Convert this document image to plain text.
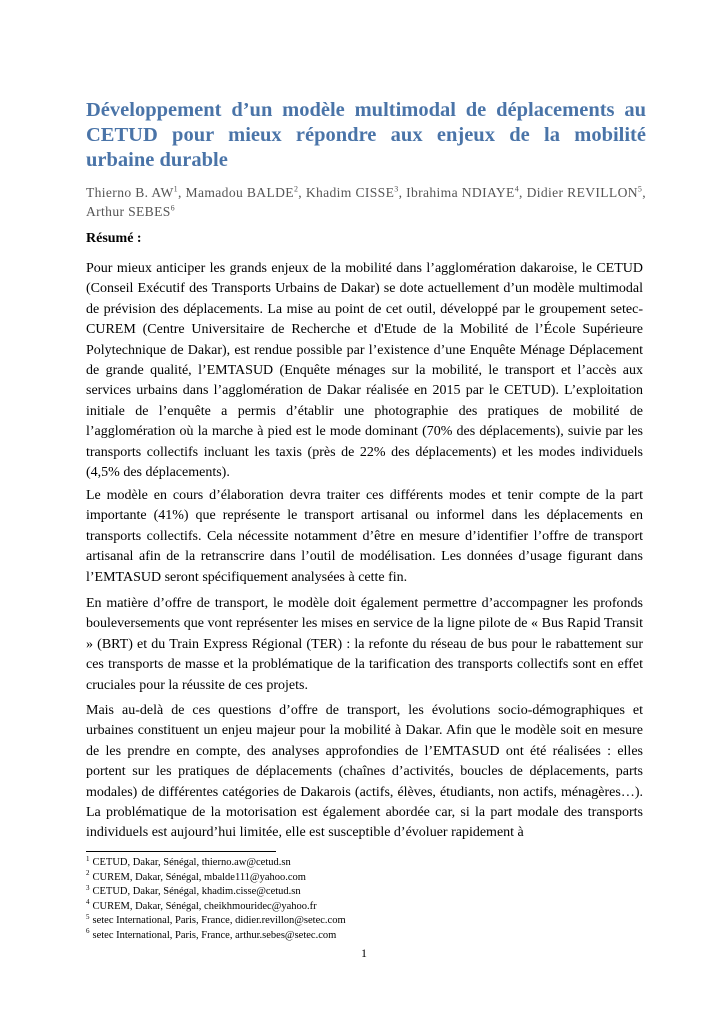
Développement d’un modèle multimodal de déplacements au CETUD pour mieux répondre aux enjeux de la mobilité urbaine durable

Thierno B. $AW^1$, Mamadou BALDE$^2$, Khadim CISSE$^3$, Ibrahima NDIAYE$^4$, Didier REVILLON$^5$, Arthur SEBES$^6$

Résumé :

Pour mieux anticiper les grands enjeux de la mobilité dans l’agglomération dakaroise, le CETUD (Conseil Exécutif des Transports Urbains de Dakar) se dote actuellement d’un modèle multimodal de prévision des déplacements. La mise au point de cet outil, développé par le groupement setec-CUREM (Centre Universitaire de Recherche et d'Etude de la Mobilité de l’École Supérieure Polytechnique de Dakar), est rendue possible par l’existence d’une Enquête Ménage Déplacement de grande qualité, l’EMTASUD (Enquête ménages sur la mobilité, le transport et l’accès aux services urbains dans l’agglomération de Dakar réalisée en 2015 par le CETUD). L’exploitation initiale de l’enquête a permis d’établir une photographie des pratiques de mobilité de l’agglomération où la marche à pied est le mode dominant (70% des déplacements), suivie par les transports collectifs incluant les taxis (près de 22% des déplacements) et les modes individuels (4,5% des déplacements).

Le modèle en cours d’élaboration devra traiter ces différents modes et tenir compte de la part importante (41%) que représente le transport artisanal ou informel dans les déplacements en transports collectifs. Cela nécessite notamment d’être en mesure d’identifier l’offre de transport artisanal afin de la retranscrire dans l’outil de modélisation. Les données d’usage figurant dans l’EMTASUD seront spécifiquement analysées à cette fin.

En matière d’offre de transport, le modèle doit également permettre d’accompagner les profonds bouleversements que vont représenter les mises en service de la ligne pilote de « Bus Rapid Transit » (BRT) et du Train Express Régional (TER) : la refonte du réseau de bus pour le rabattement sur ces transports de masse et la problématique de la tarification des transports collectifs sont en effet cruciales pour la réussite de ces projets.

Mais au-delà de ces questions d’offre de transport, les évolutions socio-démographiques et urbaines constituent un enjeu majeur pour la mobilité à Dakar. Afin que le modèle soit en mesure de les prendre en compte, des analyses approfondies de l’EMTASUD ont été réalisées : elles portent sur les pratiques de déplacements (chaînes d’activités, boucles de déplacements, parts modales) de différentes catégories de Dakarois (actifs, élèves, étudiants, non actifs, ménagères…). La problématique de la motorisation est également abordée car, si la part modale des transports individuels est aujourd’hui limitée, elle est susceptible d’évoluer rapidement à

$^1$ CETUD, Dakar, Sénégal, thierno.aw@cetud.sn
$^2$ CUREM, Dakar, Sénégal, mbalde111@yahoo.com
$^3$ CETUD, Dakar, Sénégal, khadim.cisse@cetud.sn
$^4$ CUREM, Dakar, Sénégal, cheikhmouridec@yahoo.fr
$^5$ setec International, Paris, France, didier.revillon@setec.com
$^6$ setec International, Paris, France, arthur.sebes@setec.com
1
